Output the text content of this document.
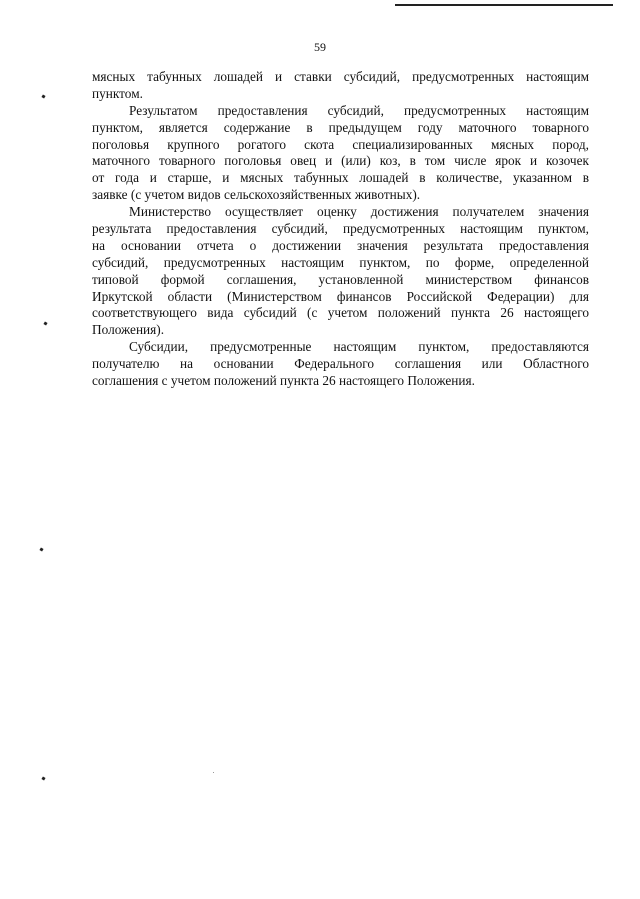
59
мясных табунных лошадей и ставки субсидий, предусмотренных настоящим
пунктом.
Результатом предоставления субсидий, предусмотренных настоящим
пунктом, является содержание в предыдущем году маточного товарного
поголовья крупного рогатого скота специализированных мясных пород,
маточного товарного поголовья овец и (или) коз, в том числе ярок и козочек
от года и старше, и мясных табунных лошадей в количестве, указанном в
заявке (с учетом видов сельскохозяйственных животных).
Министерство осуществляет оценку достижения получателем значения
результата предоставления субсидий, предусмотренных настоящим пунктом,
на основании отчета о достижении значения результата предоставления
субсидий, предусмотренных настоящим пунктом, по форме, определенной
типовой формой соглашения, установленной министерством финансов
Иркутской области (Министерством финансов Российской Федерации) для
соответствующего вида субсидий (с учетом положений пункта 26 настоящего
Положения).
Субсидии, предусмотренные настоящим пунктом, предоставляются
получателю на основании Федерального соглашения или Областного
соглашения с учетом положений пункта 26 настоящего Положения.
